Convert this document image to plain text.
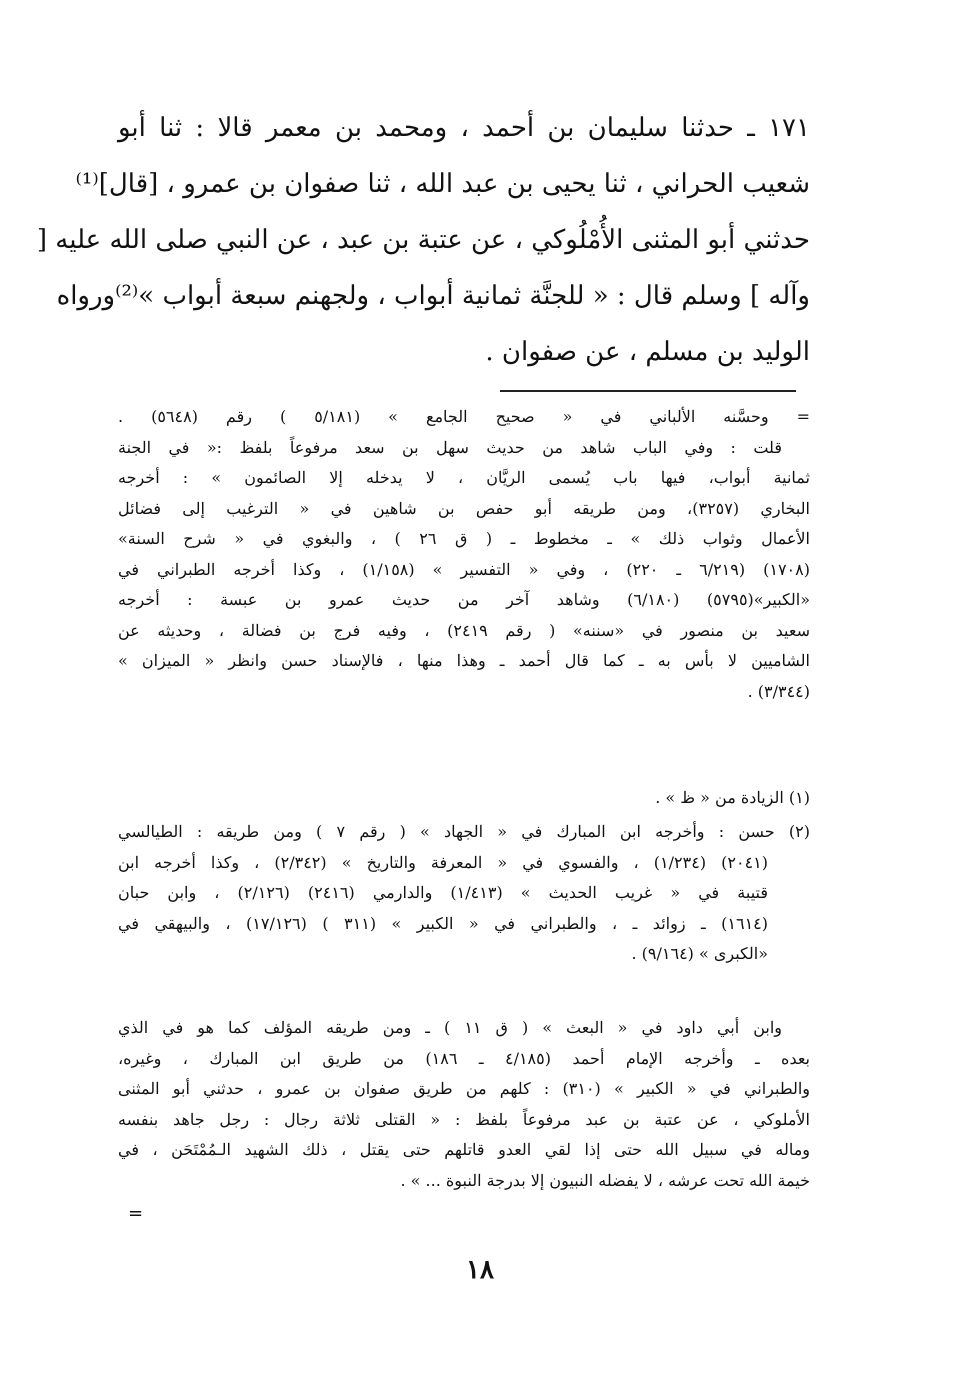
١٧١ ـ حدثنا سليمان بن أحمد ، ومحمد بن معمر قالا : ثنا أبو
شعيب الحراني ، ثنا يحيى بن عبد الله ، ثنا صفوان بن عمرو ، [قال]⁽¹⁾
حدثني أبو المثنى الأُمْلُوكي ، عن عتبة بن عبد ، عن النبي صلى الله عليه [
وآله ] وسلم قال : « للجنَّة ثمانية أبواب ، ولجهنم سبعة أبواب »⁽²⁾ورواه
الوليد بن مسلم ، عن صفوان .
= وحسَّنه الألباني في « صحيح الجامع » (٥/١٨١ ) رقم (٥٦٤٨) .
قلت : وفي الباب شاهد من حديث سهل بن سعد مرفوعاً بلفظ :« في الجنة
ثمانية أبواب، فيها باب يُسمى الريَّان ، لا يدخله إلا الصائمون » : أخرجه
البخاري (٣٢٥٧)، ومن طريقه أبو حفص بن شاهين في « الترغيب إلى فضائل
الأعمال وثواب ذلك » ـ مخطوط ـ ( ق ٢٦ ) ، والبغوي في « شرح السنة»
(١٧٠٨) (٦/٢١٩ ـ ٢٢٠) ، وفي « التفسير » (١/١٥٨) ، وكذا أخرجه الطبراني في
«الكبير»(٥٧٩٥) (٦/١٨٠) وشاهد آخر من حديث عمرو بن عبسة : أخرجه
سعيد بن منصور في «سننه» ( رقم ٢٤١٩) ، وفيه فرج بن فضالة ، وحديثه عن
الشاميين لا بأس به ـ كما قال أحمد ـ وهذا منها ، فالإسناد حسن وانظر « الميزان »
(٣/٣٤٤) .
(١) الزيادة من « ظ » .
(٢) حسن : وأخرجه ابن المبارك في « الجهاد » ( رقم ٧ ) ومن طريقه : الطيالسي
(٢٠٤١) (١/٢٣٤) ، والفسوي في « المعرفة والتاريخ » (٢/٣٤٢) ، وكذا أخرجه ابن
قتيبة في « غريب الحديث » (١/٤١٣) والدارمي (٢٤١٦) (٢/١٢٦) ، وابن حبان
(١٦١٤) ـ زوائد ـ ، والطبراني في « الكبير » (٣١١ ) (١٧/١٢٦) ، والبيهقي في
«الكبرى » (٩/١٦٤) .
وابن أبي داود في « البعث » ( ق ١١ ) ـ ومن طريقه المؤلف كما هو في الذي
بعده ـ وأخرجه الإمام أحمد (٤/١٨٥ ـ ١٨٦) من طريق ابن المبارك ، وغيره،
والطبراني في « الكبير » (٣١٠) : كلهم من طريق صفوان بن عمرو ، حدثني أبو المثنى
الأملوكي ، عن عتبة بن عبد مرفوعاً بلفظ : « القتلى ثلاثة رجال : رجل جاهد بنفسه
وماله في سبيل الله حتى إذا لقي العدو قاتلهم حتى يقتل ، ذلك الشهيد الـمُمْتَحَن ، في
خيمة الله تحت عرشه ، لا يفضله النبيون إلا بدرجة النبوة ... » .
=
١٨
